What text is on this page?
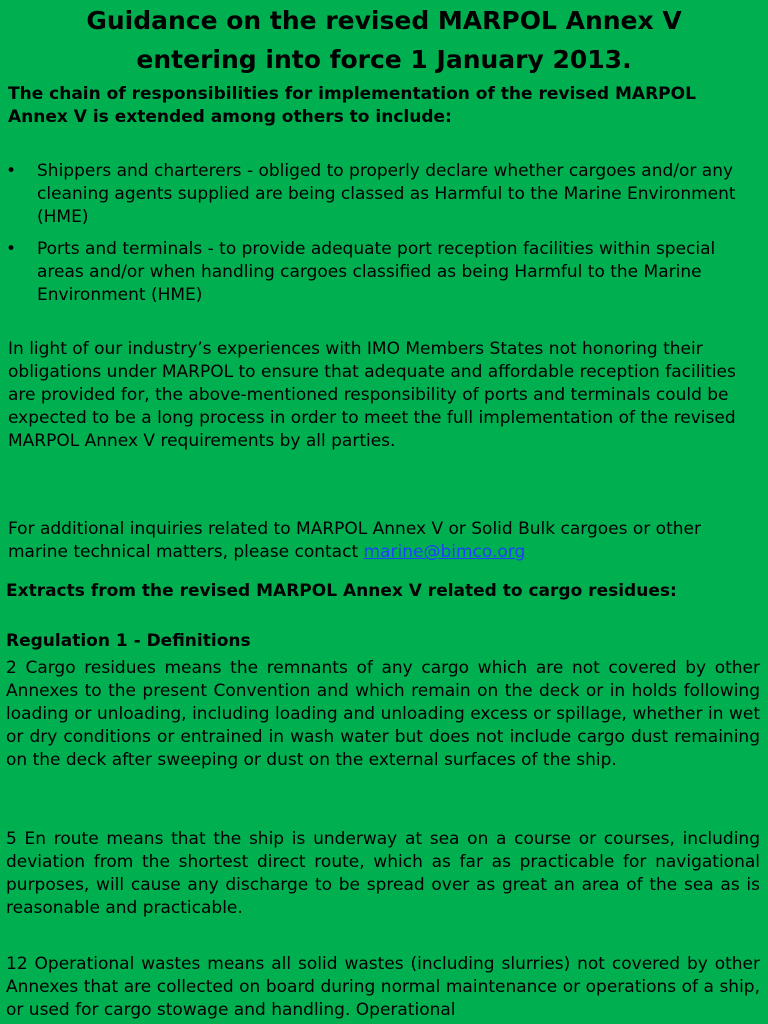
Guidance on the revised MARPOL Annex V
entering into force 1 January 2013.

The chain of responsibilities for implementation of the revised MARPOL Annex V is extended among others to include:

• Shippers and charterers - obliged to properly declare whether cargoes and/or any cleaning agents supplied are being classed as Harmful to the Marine Environment (HME)
• Ports and terminals - to provide adequate port reception facilities within special areas and/or when handling cargoes classified as being Harmful to the Marine Environment (HME)

In light of our industry’s experiences with IMO Members States not honoring their obligations under MARPOL to ensure that adequate and affordable reception facilities are provided for, the above-mentioned responsibility of ports and terminals could be expected to be a long process in order to meet the full implementation of the revised MARPOL Annex V requirements by all parties.

For additional inquiries related to MARPOL Annex V or Solid Bulk cargoes or other marine technical matters, please contact marine@bimco.org

Extracts from the revised MARPOL Annex V related to cargo residues:

Regulation 1 - Definitions

2 Cargo residues means the remnants of any cargo which are not covered by other Annexes to the present Convention and which remain on the deck or in holds following loading or unloading, including loading and unloading excess or spillage, whether in wet or dry conditions or entrained in wash water but does not include cargo dust remaining on the deck after sweeping or dust on the external surfaces of the ship.

5 En route means that the ship is underway at sea on a course or courses, including deviation from the shortest direct route, which as far as practicable for navigational purposes, will cause any discharge to be spread over as great an area of the sea as is reasonable and practicable.

12 Operational wastes means all solid wastes (including slurries) not covered by other Annexes that are collected on board during normal maintenance or operations of a ship, or used for cargo stowage and handling. Operational
